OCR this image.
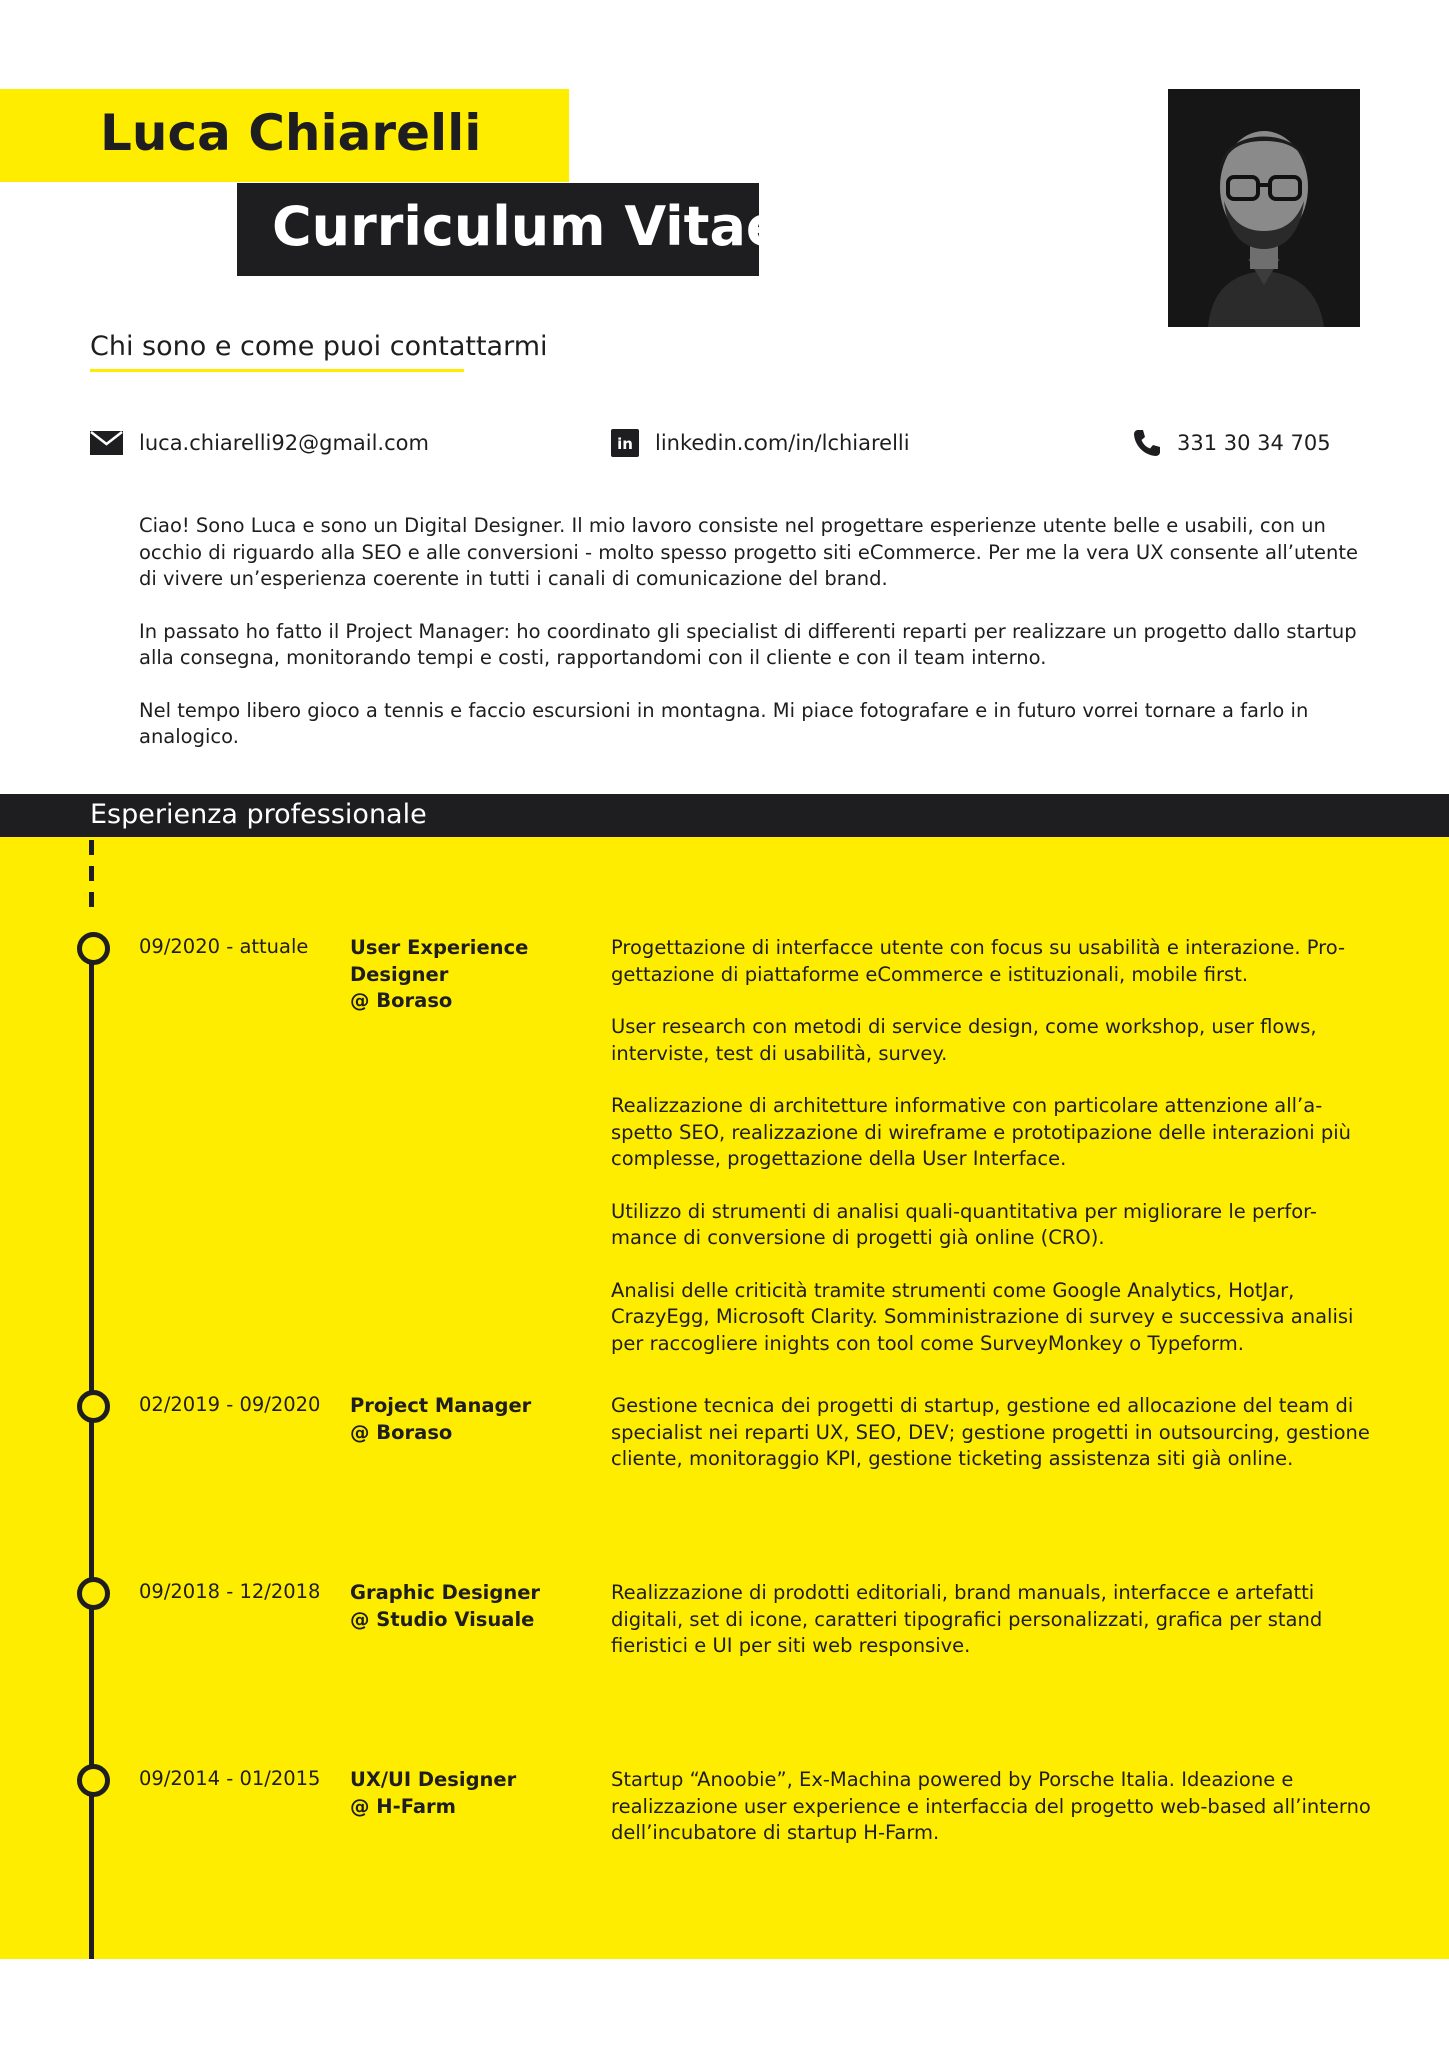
Luca Chiarelli
Curriculum Vitae
Chi sono e come puoi contattarmi
luca.chiarelli92@gmail.com	in linkedin.com/in/lchiarelli	331 30 34 705

Ciao! Sono Luca e sono un Digital Designer. Il mio lavoro consiste nel progettare esperienze utente belle e usabili, con un occhio di riguardo alla SEO e alle conversioni - molto spesso progetto siti eCommerce. Per me la vera UX consente all’utente di vivere un’esperienza coerente in tutti i canali di comunicazione del brand.

In passato ho fatto il Project Manager: ho coordinato gli specialist di differenti reparti per realizzare un progetto dallo startup alla consegna, monitorando tempi e costi, rapportandomi con il cliente e con il team interno.

Nel tempo libero gioco a tennis e faccio escursioni in montagna. Mi piace fotografare e in futuro vorrei tornare a farlo in analogico.

Esperienza professionale
09/2020 - attuale User Experience Designer
@ Boraso

Progettazione di interfacce utente con focus su usabilità e interazione. Pro-gettazione di piattaforme eCommerce e istituzionali, mobile first.

User research con metodi di service design, come workshop, user flows, interviste, test di usabilità, survey.

Realizzazione di architetture informative con particolare attenzione all’a-spetto SEO, realizzazione di wireframe e prototipazione delle interazioni più complesse, progettazione della User Interface.

Utilizzo di strumenti di analisi quali-quantitativa per migliorare le perfor-mance di conversione di progetti già online (CRO).

Analisi delle criticità tramite strumenti come Google Analytics, HotJar, CrazyEgg, Microsoft Clarity. Somministrazione di survey e successiva analisi per raccogliere inights con tool come SurveyMonkey o Typeform.

02/2019 - 09/2020 Project Manager
@ Boraso

Gestione tecnica dei progetti di startup, gestione ed allocazione del team di specialist nei reparti UX, SEO, DEV; gestione progetti in outsourcing, gestione cliente, monitoraggio KPI, gestione ticketing assistenza siti già online.

09/2018 - 12/2018 Graphic Designer
@ Studio Visuale

Realizzazione di prodotti editoriali, brand manuals, interfacce e artefatti digitali, set di icone, caratteri tipografici personalizzati, grafica per stand fieristici e UI per siti web responsive.

09/2014 - 01/2015 UX/UI Designer
@ H-Farm

Startup “Anoobie”, Ex-Machina powered by Porsche Italia. Ideazione e realizzazione user experience e interfaccia del progetto web-based all’interno dell’incubatore di startup H-Farm.
